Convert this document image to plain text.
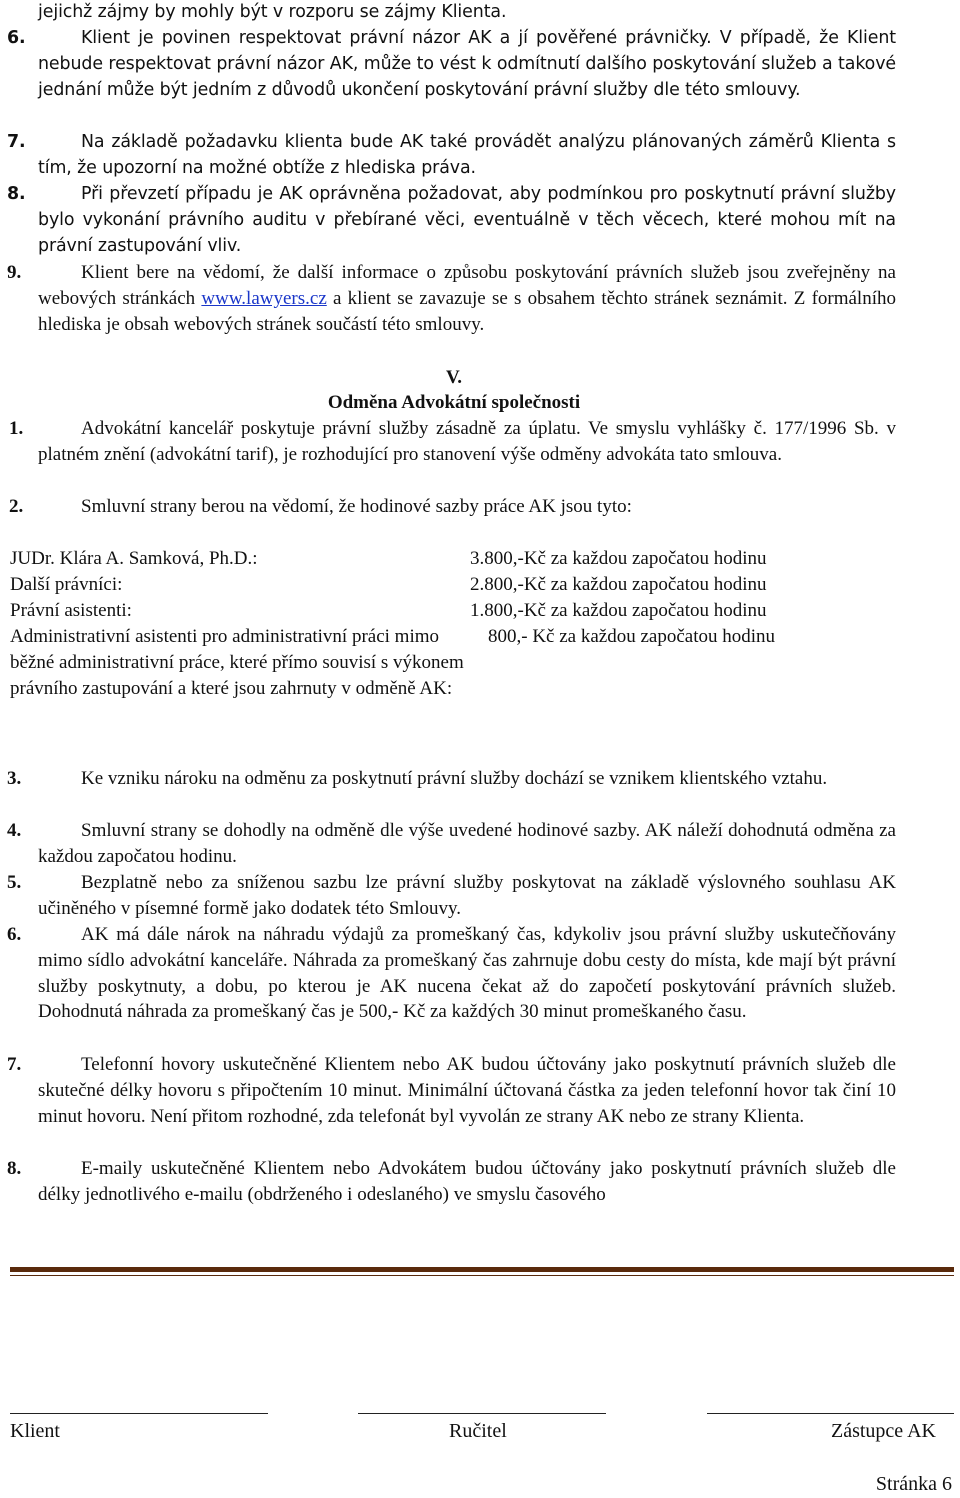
jejichž zájmy by mohly být v rozporu se zájmy Klienta.
6.	Klient je povinen respektovat právní názor AK a jí pověřené právničky. V případě, že Klient nebude respektovat právní názor AK, může to vést k odmítnutí dalšího poskytování služeb a takové jednání může být jedním z důvodů ukončení poskytování právní služby dle této smlouvy.
7.	Na základě požadavku klienta bude AK také provádět analýzu plánovaných záměrů Klienta s tím, že upozorní na možné obtíže z hlediska práva.
8.	Při převzetí případu je AK oprávněna požadovat, aby podmínkou pro poskytnutí právní služby bylo vykonání právního auditu v přebírané věci, eventuálně v těch věcech, které mohou mít na právní zastupování vliv.
9.	Klient bere na vědomí, že další informace o způsobu poskytování právních služeb jsou zveřejněny na webových stránkách www.lawyers.cz a klient se zavazuje se s obsahem těchto stránek seznámit. Z formálního hlediska je obsah webových stránek součástí této smlouvy.
V.
Odměna Advokátní společnosti
1.	Advokátní kancelář poskytuje právní služby zásadně za úplatu. Ve smyslu vyhlášky č. 177/1996 Sb. v platném znění (advokátní tarif), je rozhodující pro stanovení výše odměny advokáta tato smlouva.
2.	Smluvní strany berou na vědomí, že hodinové sazby práce AK jsou tyto:
JUDr. Klára A. Samková, Ph.D.:	3.800,-Kč za každou započatou hodinu
Další právníci:	2.800,-Kč za každou započatou hodinu
Právní asistenti:	1.800,-Kč za každou započatou hodinu
Administrativní asistenti pro administrativní práci mimo běžné administrativní práce, které přímo souvisí s výkonem právního zastupování a které jsou zahrnuty v odměně AK:
800,- Kč za každou započatou hodinu
3.	Ke vzniku nároku na odměnu za poskytnutí právní služby dochází se vznikem klientského vztahu.
4.	Smluvní strany se dohodly na odměně dle výše uvedené hodinové sazby. AK náleží dohodnutá odměna za každou započatou hodinu.
5.	Bezplatně nebo za sníženou sazbu lze právní služby poskytovat na základě výslovného souhlasu AK učiněného v písemné formě jako dodatek této Smlouvy.
6.	AK má dále nárok na náhradu výdajů za promeškaný čas, kdykoliv jsou právní služby uskutečňovány mimo sídlo advokátní kanceláře. Náhrada za promeškaný čas zahrnuje dobu cesty do místa, kde mají být právní služby poskytnuty, a dobu, po kterou je AK nucena čekat až do započetí poskytování právních služeb. Dohodnutá náhrada za promeškaný čas je 500,- Kč za každých 30 minut promeškaného času.
7.	Telefonní hovory uskutečněné Klientem nebo AK budou účtovány jako poskytnutí právních služeb dle skutečné délky hovoru s připočtením 10 minut. Minimální účtovaná částka za jeden telefonní hovor tak činí 10 minut hovoru. Není přitom rozhodné, zda telefonát byl vyvolán ze strany AK nebo ze strany Klienta.
8.	E-maily uskutečněné Klientem nebo Advokátem budou účtovány jako poskytnutí právních služeb dle délky jednotlivého e-mailu (obdrženého i odeslaného) ve smyslu časového
Klient	Ručitel	Zástupce AK
Stránka 6
